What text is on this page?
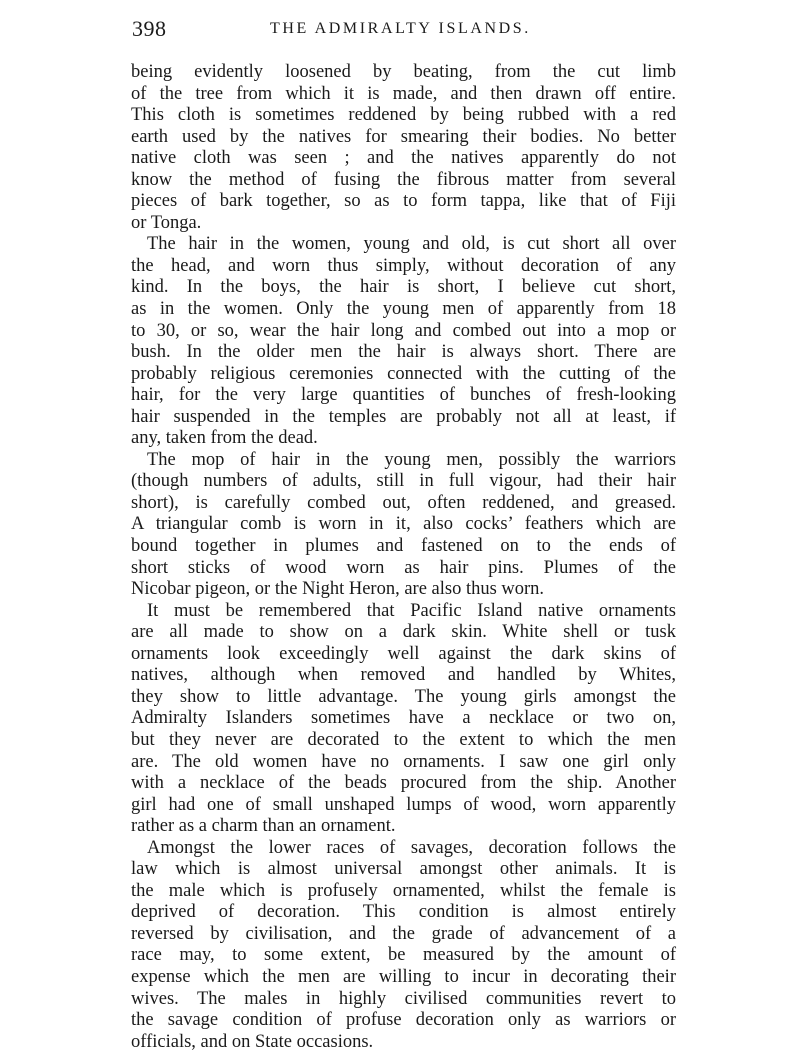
398	THE ADMIRALTY ISLANDS.
being evidently loosened by beating, from the cut limb
of the tree from which it is made, and then drawn off entire.
This cloth is sometimes reddened by being rubbed with a red
earth used by the natives for smearing their bodies. No better
native cloth was seen ; and the natives apparently do not
know the method of fusing the fibrous matter from several
pieces of bark together, so as to form tappa, like that of Fiji
or Tonga.
The hair in the women, young and old, is cut short all over
the head, and worn thus simply, without decoration of any
kind. In the boys, the hair is short, I believe cut short,
as in the women. Only the young men of apparently from 18
to 30, or so, wear the hair long and combed out into a mop or
bush. In the older men the hair is always short. There are
probably religious ceremonies connected with the cutting of the
hair, for the very large quantities of bunches of fresh-looking
hair suspended in the temples are probably not all at least, if
any, taken from the dead.
The mop of hair in the young men, possibly the warriors
(though numbers of adults, still in full vigour, had their hair
short), is carefully combed out, often reddened, and greased.
A triangular comb is worn in it, also cocks’ feathers which are
bound together in plumes and fastened on to the ends of
short sticks of wood worn as hair pins. Plumes of the
Nicobar pigeon, or the Night Heron, are also thus worn.
It must be remembered that Pacific Island native ornaments
are all made to show on a dark skin. White shell or tusk
ornaments look exceedingly well against the dark skins of
natives, although when removed and handled by Whites,
they show to little advantage. The young girls amongst the
Admiralty Islanders sometimes have a necklace or two on,
but they never are decorated to the extent to which the men
are. The old women have no ornaments. I saw one girl only
with a necklace of the beads procured from the ship. Another
girl had one of small unshaped lumps of wood, worn apparently
rather as a charm than an ornament.
Amongst the lower races of savages, decoration follows the
law which is almost universal amongst other animals. It is
the male which is profusely ornamented, whilst the female is
deprived of decoration. This condition is almost entirely
reversed by civilisation, and the grade of advancement of a
race may, to some extent, be measured by the amount of
expense which the men are willing to incur in decorating their
wives. The males in highly civilised communities revert to
the savage condition of profuse decoration only as warriors or
officials, and on State occasions.
